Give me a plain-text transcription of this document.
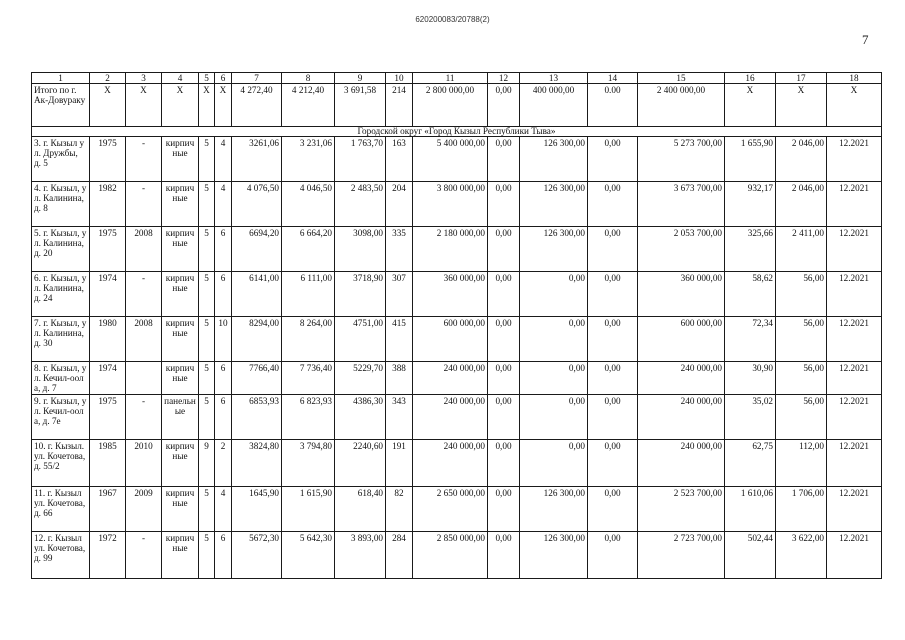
620200083/20788(2)
7
1	2	3	4	5	6	7	8	9	10	11	12	13	14	15	16	17	18
Итого по г. Ак-Довураку	X	X	X	X	X	4 272,40	4 212,40	3 691,58	214	2 800 000,00	0,00	400 000,00	0.00	2 400 000,00	X	X	X
Городской округ «Город Кызыл Республики Тыва»																	
3. г. Кызыл ул. Дружбы, д. 5	1975	-	кирпичные	5	4	3261,06	3 231,06	1 763,70	163	5 400 000,00	0,00	126 300,00	0,00	5 273 700,00	1 655,90	2 046,00	12.2021
4. г. Кызыл, ул. Калинина, д. 8	1982	-	кирпичные	5	4	4 076,50	4 046,50	2 483,50	204	3 800 000,00	0,00	126 300,00	0,00	3 673 700,00	932,17	2 046,00	12.2021
5. г. Кызыл, ул. Калинина, д. 20	1975	2008	кирпичные	5	6	6694,20	6 664,20	3098,00	335	2 180 000,00	0,00	126 300,00	0,00	2 053 700,00	325,66	2 411,00	12.2021
6. г. Кызыл, ул. Калинина, д. 24	1974	-	кирпичные	5	6	6141,00	6 111,00	3718,90	307	360 000,00	0,00	0,00	0,00	360 000,00	58,62	56,00	12.2021
7. г. Кызыл, ул. Калинина, д. 30	1980	2008	кирпичные	5	10	8294,00	8 264,00	4751,00	415	600 000,00	0,00	0,00	0,00	600 000,00	72,34	56,00	12.2021
8. г. Кызыл, ул. Кечил-оола, д. 7	1974		кирпичные	5	6	7766,40	7 736,40	5229,70	388	240 000,00	0,00	0,00	0,00	240 000,00	30,90	56,00	12.2021
9. г. Кызыл, ул. Кечил-оола, д. 7е	1975	-	панельные	5	6	6853,93	6 823,93	4386,30	343	240 000,00	0,00	0,00	0,00	240 000,00	35,02	56,00	12.2021
10. г. Кызыл. ул. Кочетова, д. 55/2	1985	2010	кирпичные	9	2	3824,80	3 794,80	2240,60	191	240 000,00	0,00	0,00	0,00	240 000,00	62,75	112,00	12.2021
11. г. Кызыл ул. Кочетова, д. 66	1967	2009	кирпичные	5	4	1645,90	1 615,90	618,40	82	2 650 000,00	0,00	126 300,00	0,00	2 523 700,00	1 610,06	1 706,00	12.2021
12. г. Кызыл ул. Кочетова, д. 99	1972	-	кирпичные	5	6	5672,30	5 642,30	3 893,00	284	2 850 000,00	0,00	126 300,00	0,00	2 723 700,00	502,44	3 622,00	12.2021
